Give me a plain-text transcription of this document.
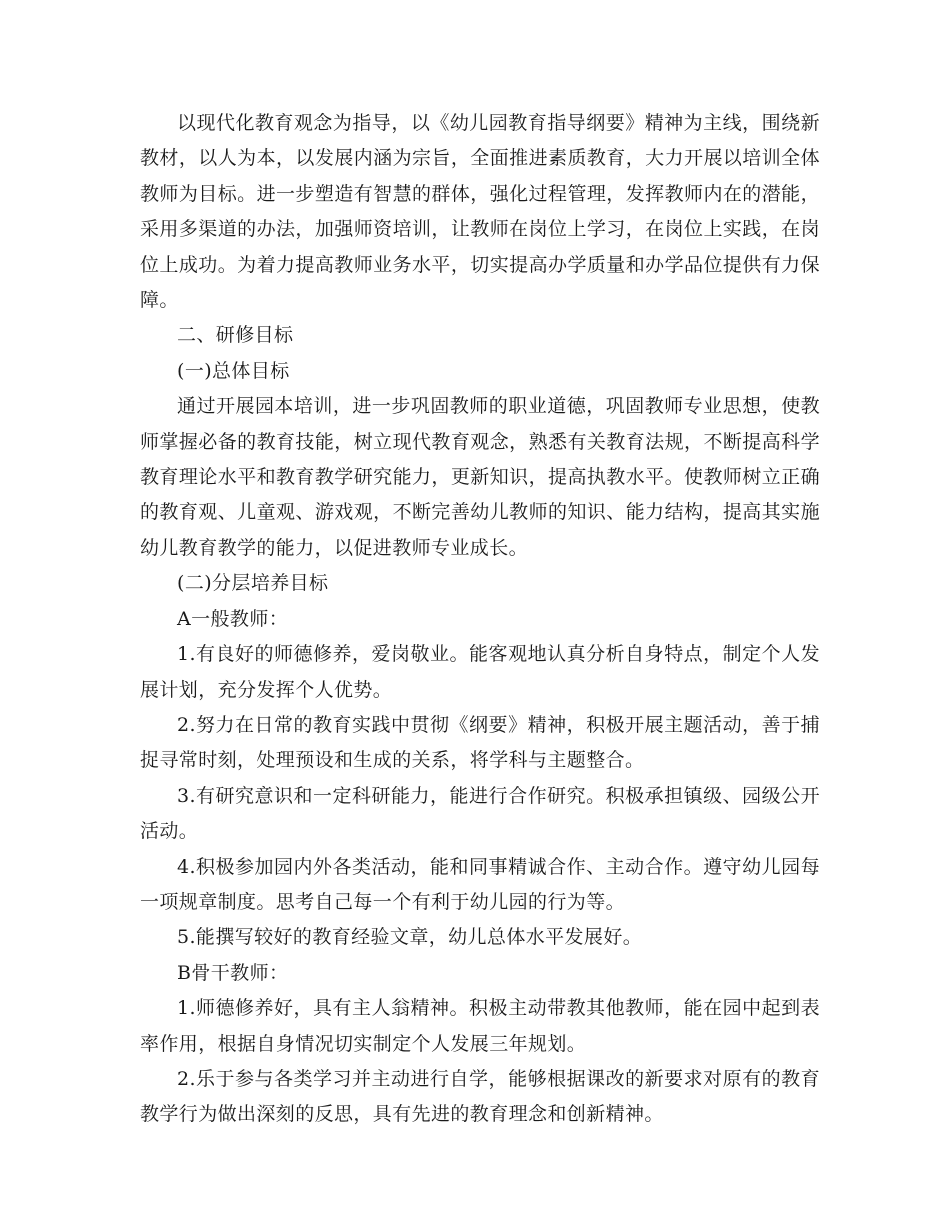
以现代化教育观念为指导，以《幼儿园教育指导纲要》精神为主线，围绕新教材，以人为本，以发展内涵为宗旨，全面推进素质教育，大力开展以培训全体教师为目标。进一步塑造有智慧的群体，强化过程管理，发挥教师内在的潜能，采用多渠道的办法，加强师资培训，让教师在岗位上学习，在岗位上实践，在岗位上成功。为着力提高教师业务水平，切实提高办学质量和办学品位提供有力保障。

二、研修目标

(一)总体目标

通过开展园本培训，进一步巩固教师的职业道德，巩固教师专业思想，使教师掌握必备的教育技能，树立现代教育观念，熟悉有关教育法规，不断提高科学教育理论水平和教育教学研究能力，更新知识，提高执教水平。使教师树立正确的教育观、儿童观、游戏观，不断完善幼儿教师的知识、能力结构，提高其实施幼儿教育教学的能力，以促进教师专业成长。

(二)分层培养目标

A一般教师：

1.有良好的师德修养，爱岗敬业。能客观地认真分析自身特点，制定个人发展计划，充分发挥个人优势。

2.努力在日常的教育实践中贯彻《纲要》精神，积极开展主题活动，善于捕捉寻常时刻，处理预设和生成的关系，将学科与主题整合。

3.有研究意识和一定科研能力，能进行合作研究。积极承担镇级、园级公开活动。

4.积极参加园内外各类活动，能和同事精诚合作、主动合作。遵守幼儿园每一项规章制度。思考自己每一个有利于幼儿园的行为等。

5.能撰写较好的教育经验文章，幼儿总体水平发展好。

B骨干教师：

1.师德修养好，具有主人翁精神。积极主动带教其他教师，能在园中起到表率作用，根据自身情况切实制定个人发展三年规划。

2.乐于参与各类学习并主动进行自学，能够根据课改的新要求对原有的教育教学行为做出深刻的反思，具有先进的教育理念和创新精神。
